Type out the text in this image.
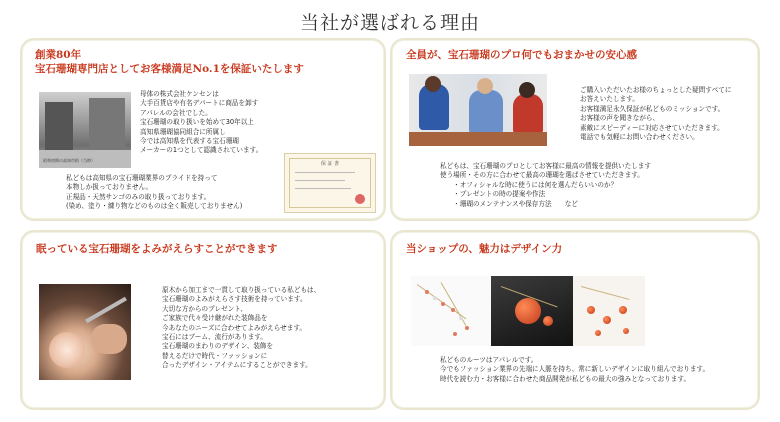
当社が選ばれる理由
創業80年
宝石珊瑚専門店としてお客様満足No.1を保証いたします
昭和初期の高知市街（当時）
母体の株式会社ケンセンは
大手百貨店や有名デパートに商品を卸す
アパレルの会社でした。
宝石珊瑚の取り扱いを始めて30年以上
高知県珊瑚協同組合に所属し
今では高知県を代表する宝石珊瑚
メーカーの1つとして認識されています。
私どもは高知県の宝石珊瑚業界のプライドを持って
本物しか扱っておりません。
正規品・天然サンゴのみの取り扱っております。
(染め、塗り・練り物などのものは全く販売しておりません)
保 証 書
全員が、宝石珊瑚のプロ何でもおまかせの安心感
ご購入いただいたお様のちょっとした疑問すべてに
お答えいたします。
お客様満足永久保証が私どものミッションです。
お客様の声を聞きながら、
素敵にスピーディーに対応させていただきます。
電話でも気軽にお問い合わせください。
私どもは、宝石珊瑚のプロとしてお客様に最高の情報を提供いたします
使う場所・その方に合わせて最高の珊瑚を選ばさせていただきます。
　　・オフィシャルな時に使うには何を選んだらいいのか？
　　・プレゼントの時の提案や作法
　　・珊瑚のメンテナンスや保存方法　　など
眠っている宝石珊瑚をよみがえらすことができます
原木から加工まで一貫して取り扱っている私どもは、
宝石珊瑚のよみがえらさす技術を持っています。
大切な方からのプレゼント、
ご家族で代々受け継がれた装飾品を
今あなたのニーズに合わせてよみがえらせます。
宝石にはブーム、流行があります。
宝石珊瑚のまわりのデザイン、装飾を
替えるだけで時代・ファッションに
合ったデザイン・アイテムにすることができます。
当ショップの、魅力はデザイン力
私どものルーツはアパレルです。
今でもファッション業界の先端に人脈を持ち、常に新しいデザインに取り組んでおります。
時代を読む力・お客様に合わせた商品開発が私どもの最大の強みとなっております。
